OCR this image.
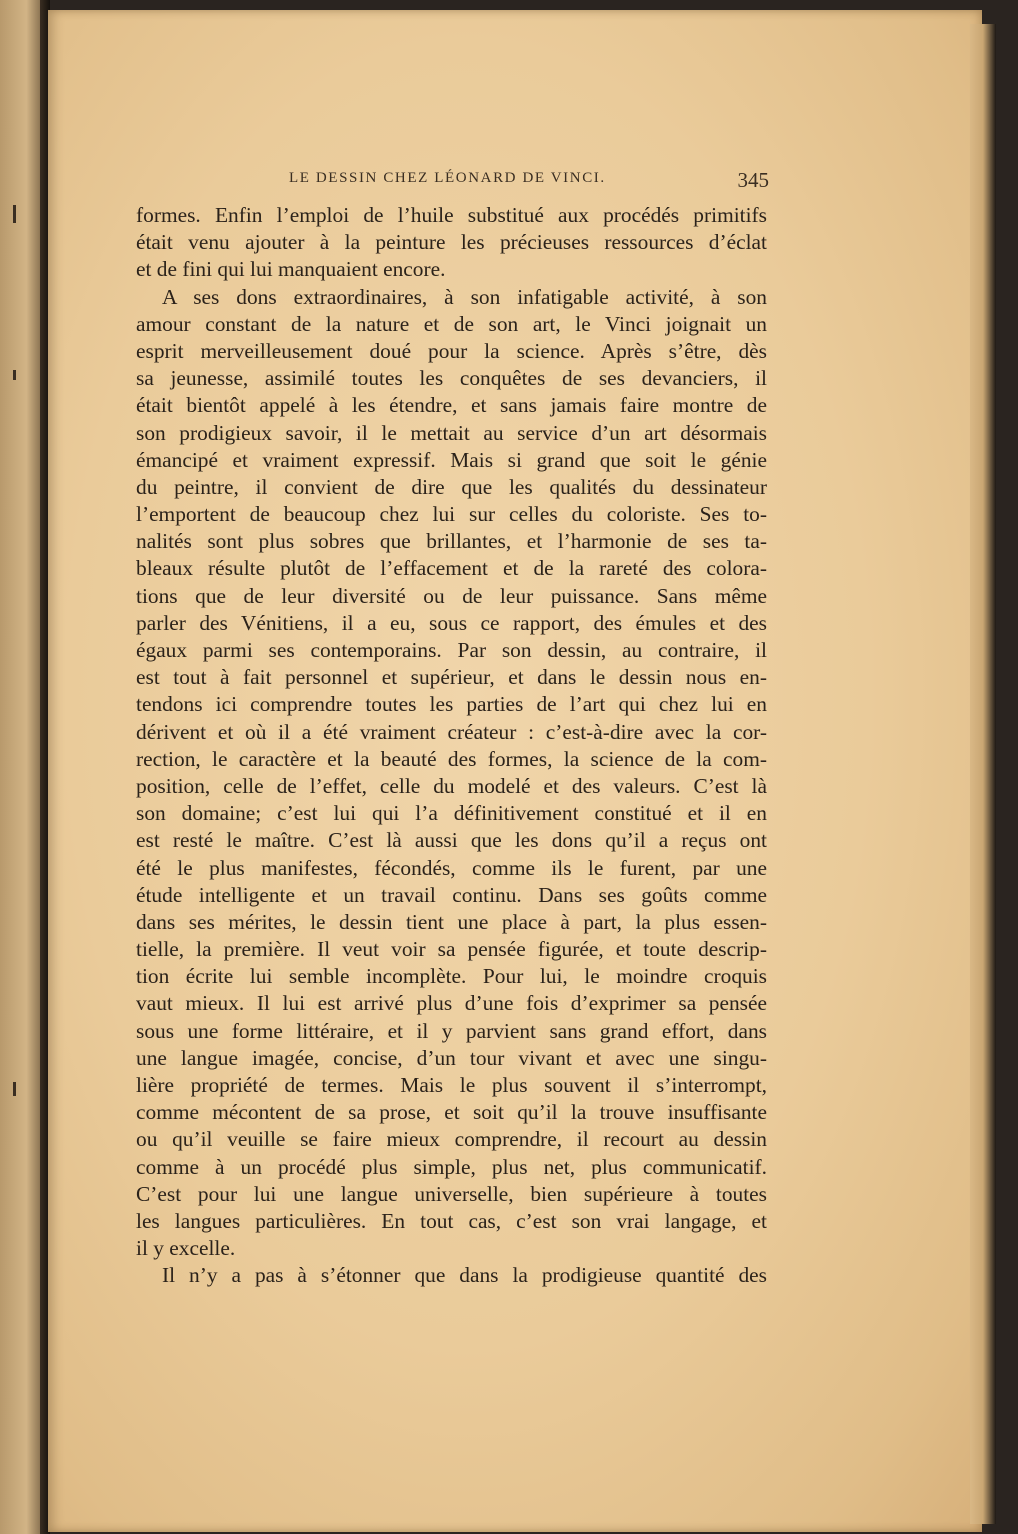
LE DESSIN CHEZ LÉONARD DE VINCI.	345
formes. Enfin l’emploi de l’huile substitué aux procédés primitifs
était venu ajouter à la peinture les précieuses ressources d’éclat
et de fini qui lui manquaient encore.
A ses dons extraordinaires, à son infatigable activité, à son
amour constant de la nature et de son art, le Vinci joignait un
esprit merveilleusement doué pour la science. Après s’être, dès
sa jeunesse, assimilé toutes les conquêtes de ses devanciers, il
était bientôt appelé à les étendre, et sans jamais faire montre de
son prodigieux savoir, il le mettait au service d’un art désormais
émancipé et vraiment expressif. Mais si grand que soit le génie
du peintre, il convient de dire que les qualités du dessinateur
l’emportent de beaucoup chez lui sur celles du coloriste. Ses to-
nalités sont plus sobres que brillantes, et l’harmonie de ses ta-
bleaux résulte plutôt de l’effacement et de la rareté des colora-
tions que de leur diversité ou de leur puissance. Sans même
parler des Vénitiens, il a eu, sous ce rapport, des émules et des
égaux parmi ses contemporains. Par son dessin, au contraire, il
est tout à fait personnel et supérieur, et dans le dessin nous en-
tendons ici comprendre toutes les parties de l’art qui chez lui en
dérivent et où il a été vraiment créateur : c’est-à-dire avec la cor-
rection, le caractère et la beauté des formes, la science de la com-
position, celle de l’effet, celle du modelé et des valeurs. C’est là
son domaine; c’est lui qui l’a définitivement constitué et il en
est resté le maître. C’est là aussi que les dons qu’il a reçus ont
été le plus manifestes, fécondés, comme ils le furent, par une
étude intelligente et un travail continu. Dans ses goûts comme
dans ses mérites, le dessin tient une place à part, la plus essen-
tielle, la première. Il veut voir sa pensée figurée, et toute descrip-
tion écrite lui semble incomplète. Pour lui, le moindre croquis
vaut mieux. Il lui est arrivé plus d’une fois d’exprimer sa pensée
sous une forme littéraire, et il y parvient sans grand effort, dans
une langue imagée, concise, d’un tour vivant et avec une singu-
lière propriété de termes. Mais le plus souvent il s’interrompt,
comme mécontent de sa prose, et soit qu’il la trouve insuffisante
ou qu’il veuille se faire mieux comprendre, il recourt au dessin
comme à un procédé plus simple, plus net, plus communicatif.
C’est pour lui une langue universelle, bien supérieure à toutes
les langues particulières. En tout cas, c’est son vrai langage, et
il y excelle.
Il n’y a pas à s’étonner que dans la prodigieuse quantité des
